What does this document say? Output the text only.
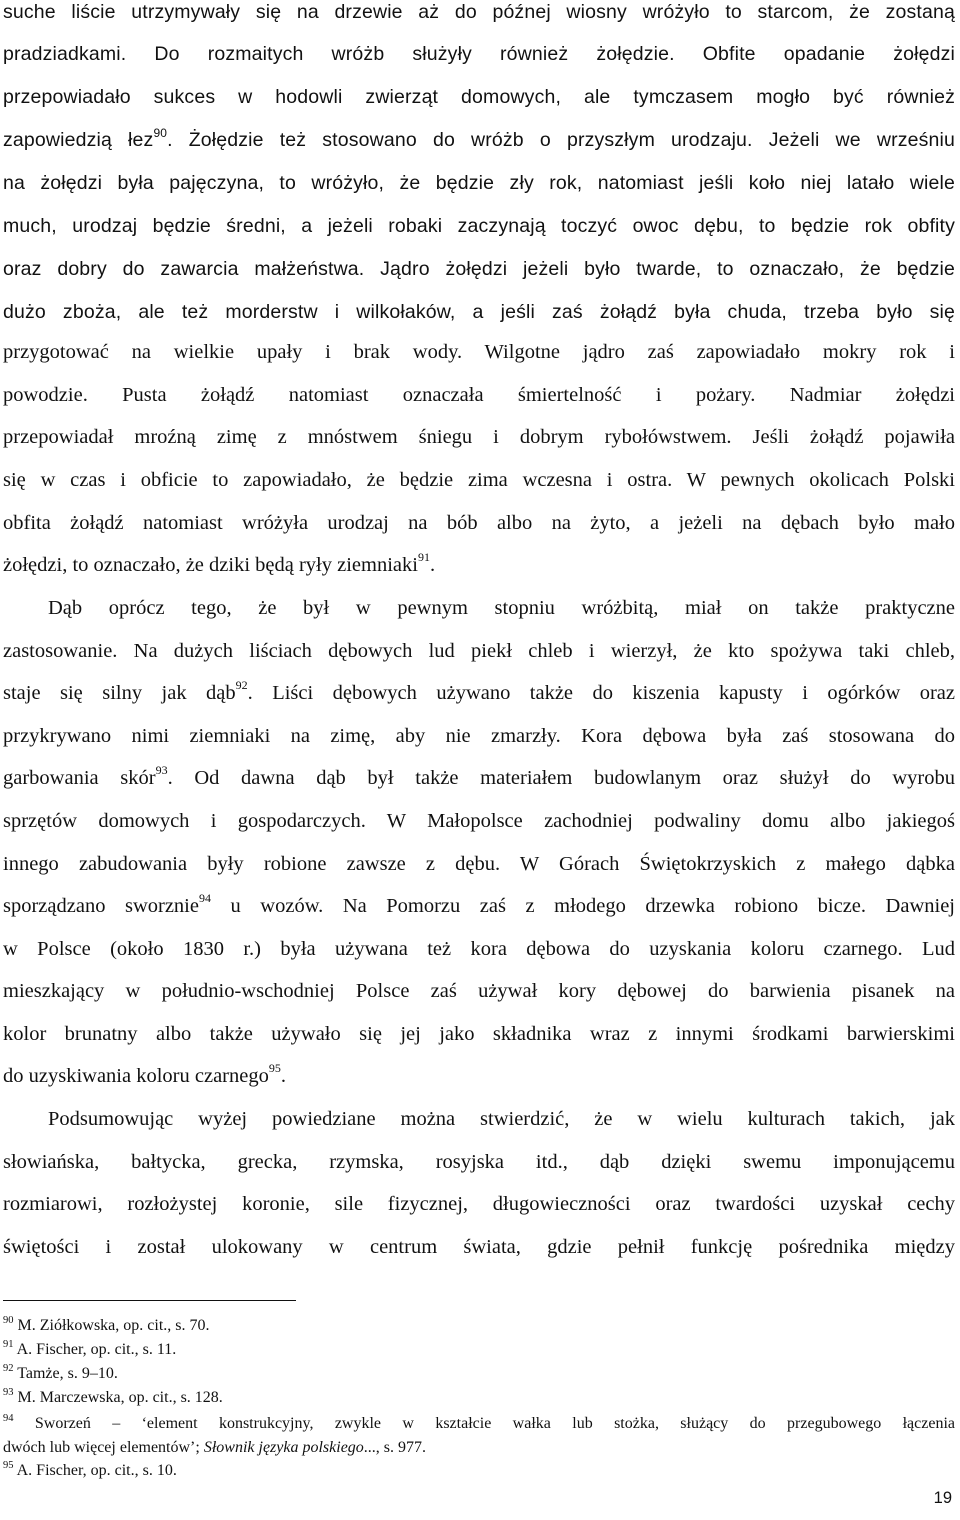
suche liście utrzymywały się na drzewie aż do późnej wiosny wróżyło to starcom, że zostaną
pradziadkami. Do rozmaitych wróżb służyły również żołędzie. Obfite opadanie żołędzi
przepowiadało sukces w hodowli zwierząt domowych, ale tymczasem mogło być również
zapowiedzią łez$^{90}$. Żołędzie też stosowano do wróżb o przyszłym urodzaju. Jeżeli we wrześniu
na żołędzi była pajęczyna, to wróżyło, że będzie zły rok, natomiast jeśli koło niej latało wiele
much, urodzaj będzie średni, a jeżeli robaki zaczynają toczyć owoc dębu, to będzie rok obfity
oraz dobry do zawarcia małżeństwa. Jądro żołędzi jeżeli było twarde, to oznaczało, że będzie
dużo zboża, ale też morderstw i wilkołaków, a jeśli zaś żołądź była chuda, trzeba było się
przygotować na wielkie upały i brak wody. Wilgotne jądro zaś zapowiadało mokry rok i
powodzie. Pusta żołądź natomiast oznaczała śmiertelność i pożary. Nadmiar żołędzi
przepowiadał mroźną zimę z mnóstwem śniegu i dobrym rybołówstwem. Jeśli żołądź pojawiła
się w czas i obficie to zapowiadało, że będzie zima wczesna i ostra. W pewnych okolicach Polski
obfita żołądź natomiast wróżyła urodzaj na bób albo na żyto, a jeżeli na dębach było mało
żołędzi, to oznaczało, że dziki będą ryły ziemniaki$^{91}$.
Dąb oprócz tego, że był w pewnym stopniu wróżbitą, miał on także praktyczne
zastosowanie. Na dużych liściach dębowych lud piekł chleb i wierzył, że kto spożywa taki chleb,
staje się silny jak dąb$^{92}$. Liści dębowych używano także do kiszenia kapusty i ogórków oraz
przykrywano nimi ziemniaki na zimę, aby nie zmarzły. Kora dębowa była zaś stosowana do
garbowania skór$^{93}$. Od dawna dąb był także materiałem budowlanym oraz służył do wyrobu
sprzętów domowych i gospodarczych. W Małopolsce zachodniej podwaliny domu albo jakiegoś
innego zabudowania były robione zawsze z dębu. W Górach Świętokrzyskich z małego dąbka
sporządzano sworznie$^{94}$ u wozów. Na Pomorzu zaś z młodego drzewka robiono bicze. Dawniej
w Polsce (około 1830 r.) była używana też kora dębowa do uzyskania koloru czarnego. Lud
mieszkający w południo-wschodniej Polsce zaś używał kory dębowej do barwienia pisanek na
kolor brunatny albo także używało się jej jako składnika wraz z innymi środkami barwierskimi
do uzyskiwania koloru czarnego$^{95}$.
Podsumowując wyżej powiedziane można stwierdzić, że w wielu kulturach takich, jak
słowiańska, bałtycka, grecka, rzymska, rosyjska itd., dąb dzięki swemu imponującemu
rozmiarowi, rozłożystej koronie, sile fizycznej, długowieczności oraz twardości uzyskał cechy
świętości i został ulokowany w centrum świata, gdzie pełnił funkcję pośrednika między
$^{90}$ M. Ziółkowska, op. cit., s. 70.
$^{91}$ A. Fischer, op. cit., s. 11.
$^{92}$ Tamże, s. 9–10.
$^{93}$ M. Marczewska, op. cit., s. 128.
$^{94}$ Sworzeń – ‘element konstrukcyjny, zwykle w kształcie wałka lub stożka, służący do przegubowego łączenia
dwóch lub więcej elementów’; Słownik języka polskiego..., s. 977.
$^{95}$ A. Fischer, op. cit., s. 10.
19
